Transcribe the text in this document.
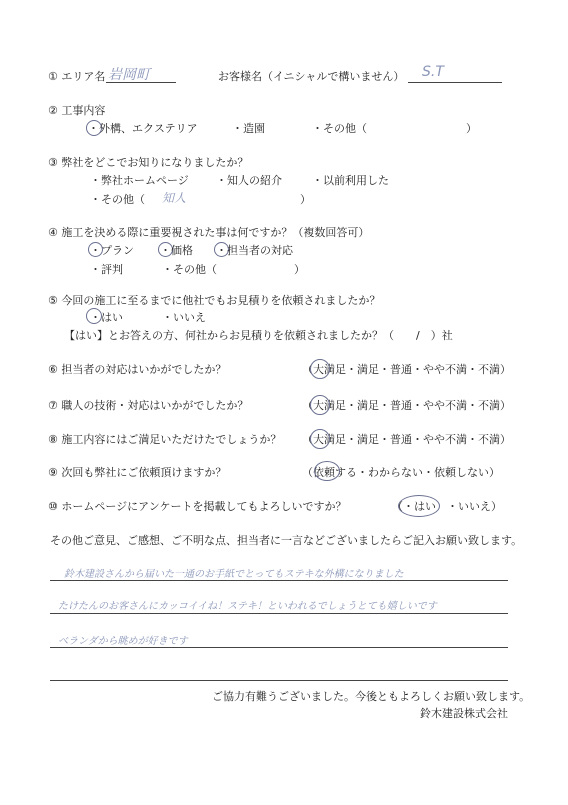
① エリア名 岩岡町	お客様名（イニシャルで構いません） S.T
② 工事内容
・外構、エクステリア	・造園	・その他（	）
③ 弊社をどこでお知りになりましたか？
・弊社ホームページ ・知人の紹介	・以前利用した
・その他（ 知人	）
④ 施工を決める際に重要視された事は何ですか？（複数回答可）
・プラン ・価格 ・担当者の対応
・評判	・その他（	）
⑤ 今回の施工に至るまでに他社でもお見積りを依頼されましたか？
・はい	・いいえ
【はい】とお答えの方、何社からお見積りを依頼されましたか？（　　/　）社
⑥ 担当者の対応はいかがでしたか？	（大満足・満足・普通・やや不満・不満）
⑦ 職人の技術・対応はいかがでしたか？	（大満足・満足・普通・やや不満・不満）
⑧ 施工内容にはご満足いただけたでしょうか？ （大満足・満足・普通・やや不満・不満）
⑨ 次回も弊社にご依頼頂けますか？	（依頼する・わからない・依頼しない）
⑩ ホームページにアンケートを掲載してもよろしいですか？	（・はい　・いいえ）
その他ご意見、ご感想、ご不明な点、担当者に一言などございましたらご記入お願い致します。
鈴木建設さんから届いた一通のお手紙でとってもステキな外構になりました
たけたんのお客さんにカッコイイね！ステキ！といわれるでしょうとても嬉しいです
ベランダから眺めが好きです
ご協力有難うございました。今後ともよろしくお願い致します。
鈴木建設株式会社
